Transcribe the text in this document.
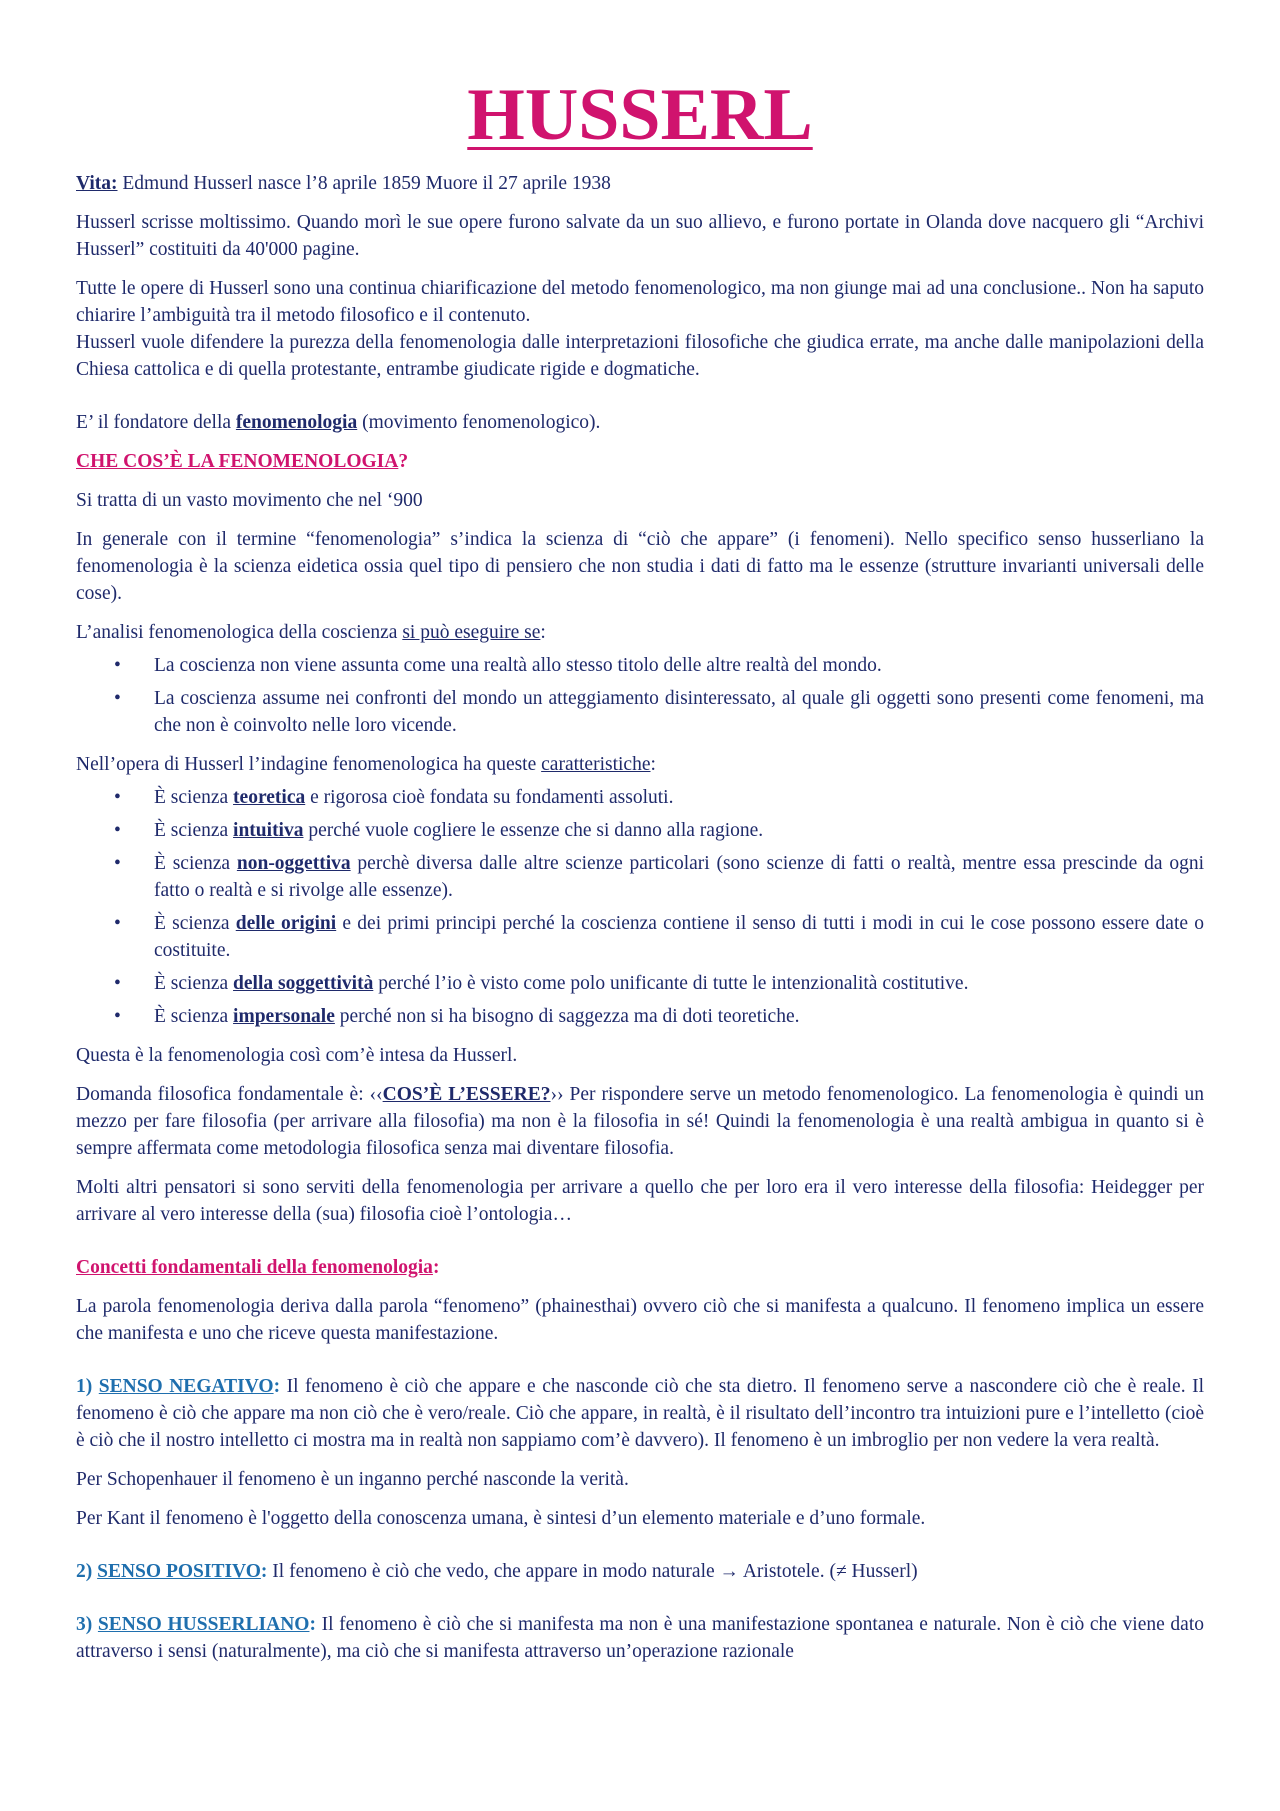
HUSSERL

Vita: Edmund Husserl nasce l’8 aprile 1859 Muore il 27 aprile 1938

Husserl scrisse moltissimo. Quando morì le sue opere furono salvate da un suo allievo, e furono portate in Olanda dove nacquero gli “Archivi Husserl” costituiti da 40'000 pagine.

Tutte le opere di Husserl sono una continua chiarificazione del metodo fenomenologico, ma non giunge mai ad una conclusione.. Non ha saputo chiarire l’ambiguità tra il metodo filosofico e il contenuto.

Husserl vuole difendere la purezza della fenomenologia dalle interpretazioni filosofiche che giudica errate, ma anche dalle manipolazioni della Chiesa cattolica e di quella protestante, entrambe giudicate rigide e dogmatiche.

E’ il fondatore della fenomenologia (movimento fenomenologico).

CHE COS’È LA FENOMENOLOGIA?

Si tratta di un vasto movimento che nel ‘900

In generale con il termine “fenomenologia” s’indica la scienza di “ciò che appare” (i fenomeni). Nello specifico senso husserliano la fenomenologia è la scienza eidetica ossia quel tipo di pensiero che non studia i dati di fatto ma le essenze (strutture invarianti universali delle cose).

L’analisi fenomenologica della coscienza si può eseguire se:

• La coscienza non viene assunta come una realtà allo stesso titolo delle altre realtà del mondo.
• La coscienza assume nei confronti del mondo un atteggiamento disinteressato, al quale gli oggetti sono presenti come fenomeni, ma che non è coinvolto nelle loro vicende.

Nell’opera di Husserl l’indagine fenomenologica ha queste caratteristiche:

• È scienza teoretica e rigorosa cioè fondata su fondamenti assoluti.
• È scienza intuitiva perché vuole cogliere le essenze che si danno alla ragione.
• È scienza non-oggettiva perchè diversa dalle altre scienze particolari (sono scienze di fatti o realtà, mentre essa prescinde da ogni fatto o realtà e si rivolge alle essenze).
• È scienza delle origini e dei primi principi perché la coscienza contiene il senso di tutti i modi in cui le cose possono essere date o costituite.
• È scienza della soggettività perché l’io è visto come polo unificante di tutte le intenzionalità costitutive.
• È scienza impersonale perché non si ha bisogno di saggezza ma di doti teoretiche.

Questa è la fenomenologia così com’è intesa da Husserl.

Domanda filosofica fondamentale è: ‹‹COS’È L’ESSERE?›› Per rispondere serve un metodo fenomenologico. La fenomenologia è quindi un mezzo per fare filosofia (per arrivare alla filosofia) ma non è la filosofia in sé! Quindi la fenomenologia è una realtà ambigua in quanto si è sempre affermata come metodologia filosofica senza mai diventare filosofia.

Molti altri pensatori si sono serviti della fenomenologia per arrivare a quello che per loro era il vero interesse della filosofia: Heidegger per arrivare al vero interesse della (sua) filosofia cioè l’ontologia…

Concetti fondamentali della fenomenologia:

La parola fenomenologia deriva dalla parola “fenomeno” (phainesthai) ovvero ciò che si manifesta a qualcuno. Il fenomeno implica un essere che manifesta e uno che riceve questa manifestazione.

1) SENSO NEGATIVO: Il fenomeno è ciò che appare e che nasconde ciò che sta dietro. Il fenomeno serve a nascondere ciò che è reale. Il fenomeno è ciò che appare ma non ciò che è vero/reale. Ciò che appare, in realtà, è il risultato dell’incontro tra intuizioni pure e l’intelletto (cioè è ciò che il nostro intelletto ci mostra ma in realtà non sappiamo com’è davvero). Il fenomeno è un imbroglio per non vedere la vera realtà.

Per Schopenhauer il fenomeno è un inganno perché nasconde la verità.

Per Kant il fenomeno è l'oggetto della conoscenza umana, è sintesi d’un elemento materiale e d’uno formale.

2) SENSO POSITIVO: Il fenomeno è ciò che vedo, che appare in modo naturale → Aristotele. (≠ Husserl)

3) SENSO HUSSERLIANO: Il fenomeno è ciò che si manifesta ma non è una manifestazione spontanea e naturale. Non è ciò che viene dato attraverso i sensi (naturalmente), ma ciò che si manifesta attraverso un’operazione razionale
